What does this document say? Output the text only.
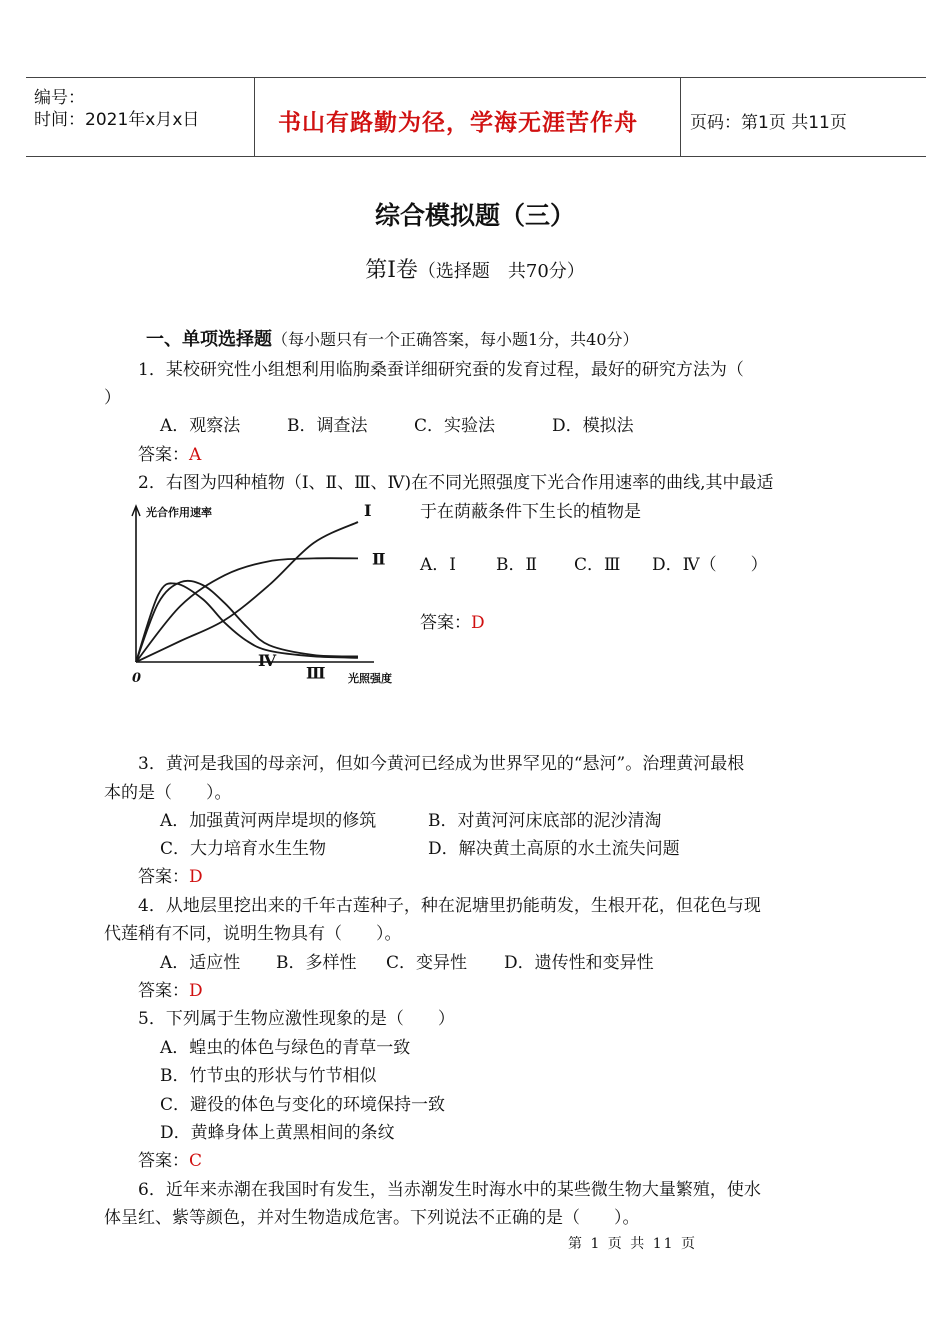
编号：
时间：2021年x月x日	书山有路勤为径，学海无涯苦作舟	页码：第1页 共11页
综合模拟题（三）
第Ⅰ卷（选择题　共70分）
一、单项选择题（每小题只有一个正确答案，每小题1分，共40分）
1．某校研究性小组想利用临朐桑蚕详细研究蚕的发育过程，最好的研究方法为（
）
A．观察法	B．调查法	C．实验法	D．模拟法
答案：A
2．右图为四种植物（Ⅰ、Ⅱ、Ⅲ、Ⅳ)在不同光照强度下光合作用速率的曲线,其中最适
于在荫蔽条件下生长的植物是
A．Ⅰ B．Ⅱ C．Ⅲ D．Ⅳ（　　）
答案：D
Ⅰ
Ⅱ
Ⅲ
Ⅳ
光合作用速率
光照强度
0
3．黄河是我国的母亲河，但如今黄河已经成为世界罕见的“悬河”。治理黄河最根
本的是（　　）。
A．加强黄河两岸堤坝的修筑	B．对黄河河床底部的泥沙清淘
C．大力培育水生生物	D．解决黄土高原的水土流失问题
答案：D
4．从地层里挖出来的千年古莲种子，种在泥塘里扔能萌发，生根开花，但花色与现
代莲稍有不同，说明生物具有（　　）。
A．适应性 B．多样性 C．变异性 D．遗传性和变异性
答案：D
5．下列属于生物应激性现象的是（　　）
A．蝗虫的体色与绿色的青草一致
B．竹节虫的形状与竹节相似
C．避役的体色与变化的环境保持一致
D．黄蜂身体上黄黑相间的条纹
答案：C
6．近年来赤潮在我国时有发生，当赤潮发生时海水中的某些微生物大量繁殖，使水
体呈红、紫等颜色，并对生物造成危害。下列说法不正确的是（　　）。
第 1 页 共 11 页
